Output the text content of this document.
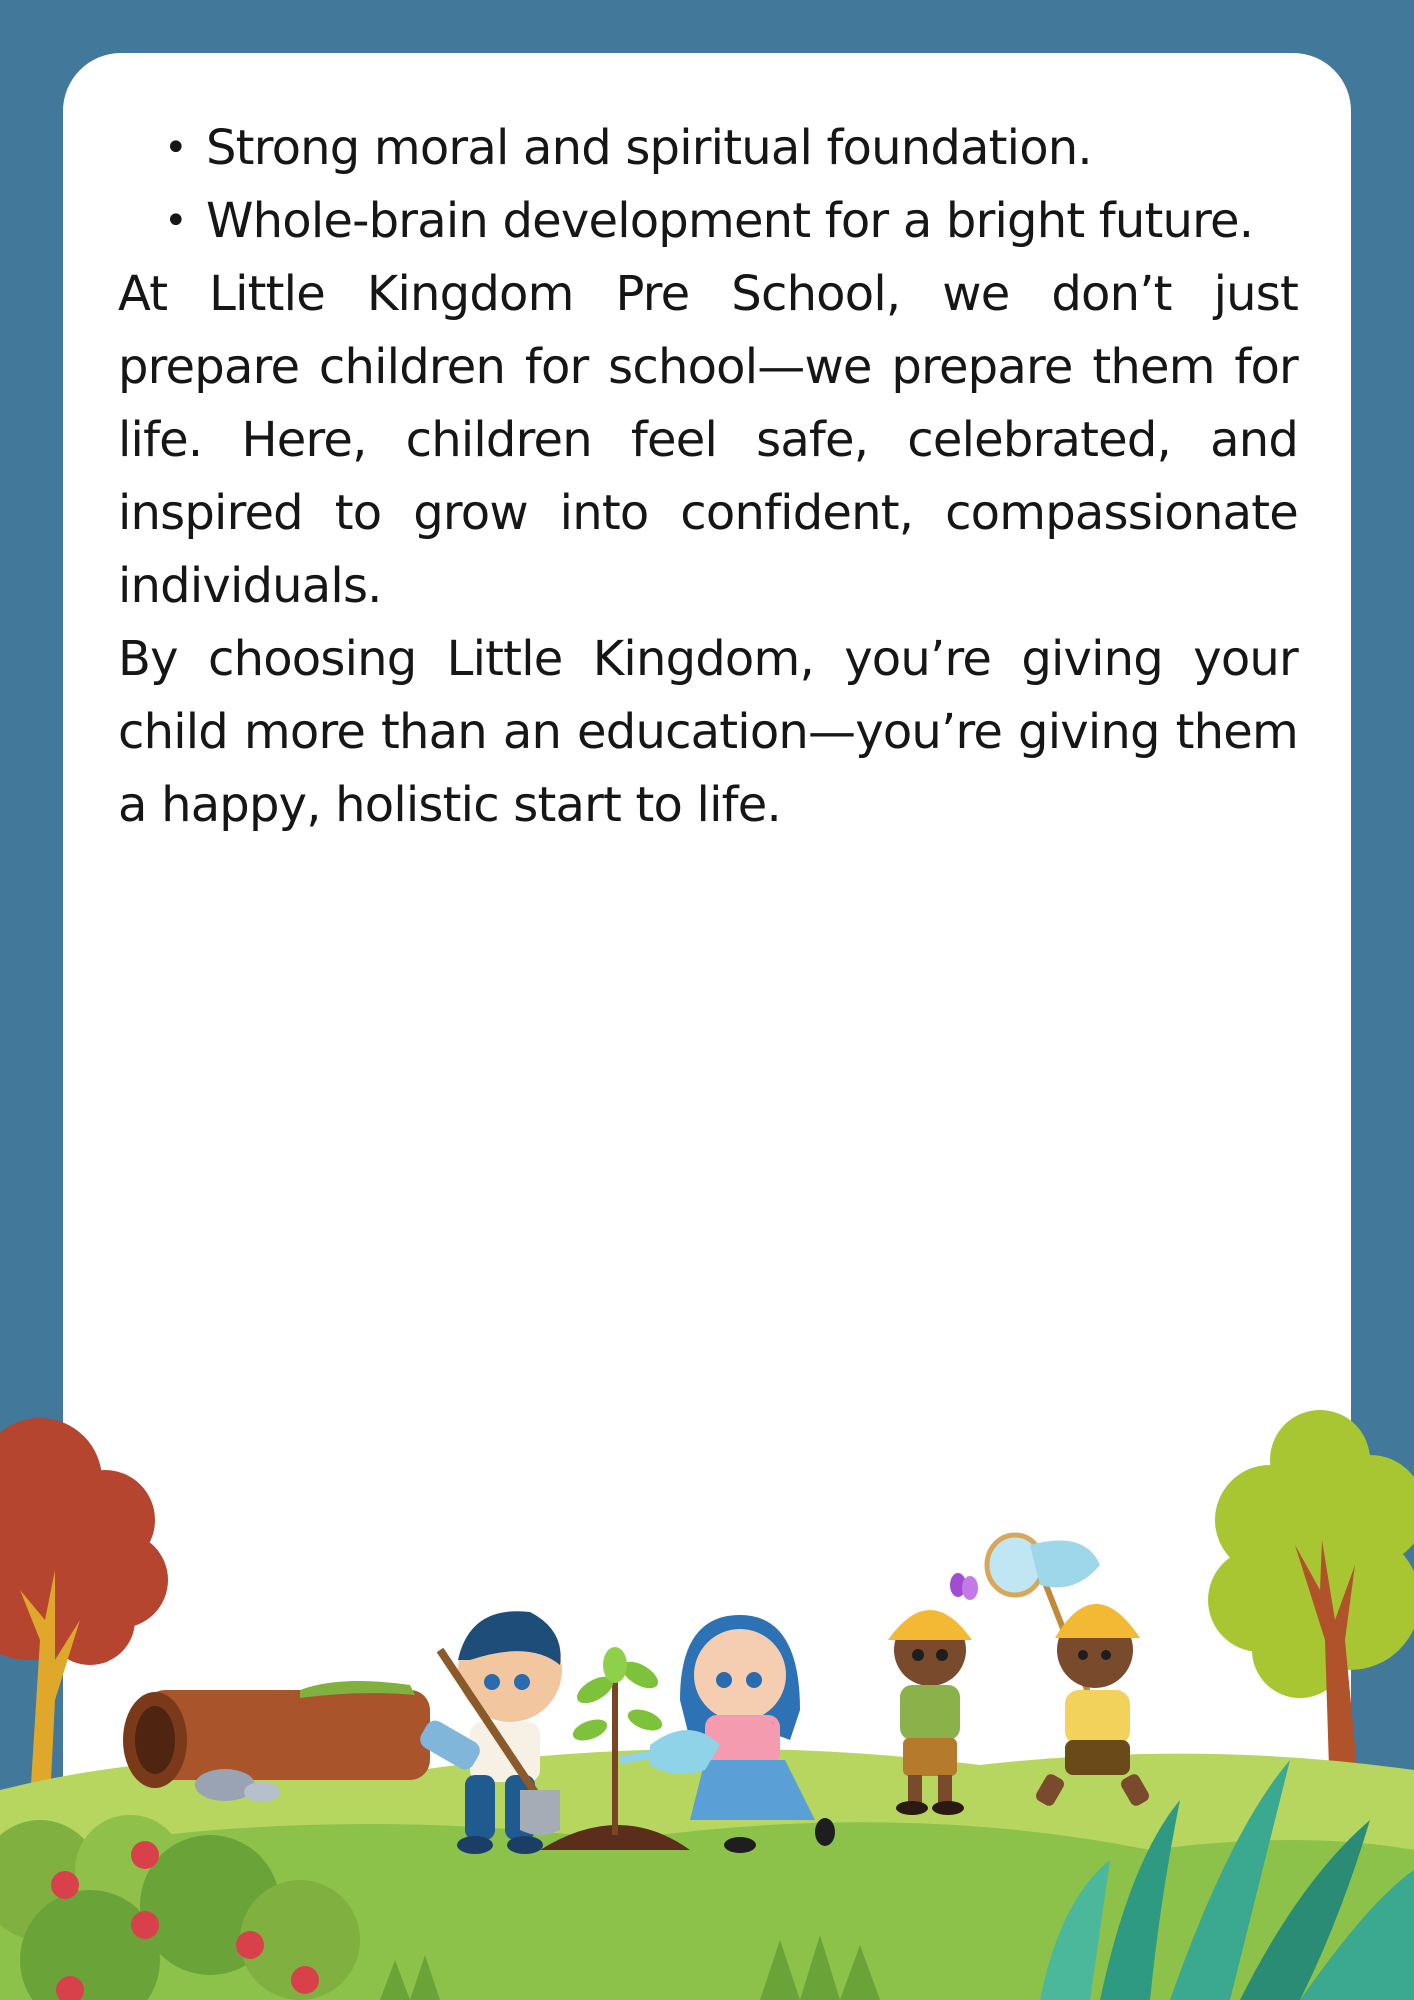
• Strong moral and spiritual foundation.
• Whole-brain development for a bright future.

At Little Kingdom Pre School, we don’t just prepare children for school—we prepare them for life. Here, children feel safe, celebrated, and inspired to grow into confident, compassionate individuals.

By choosing Little Kingdom, you’re giving your child more than an education—you’re giving them a happy, holistic start to life.
